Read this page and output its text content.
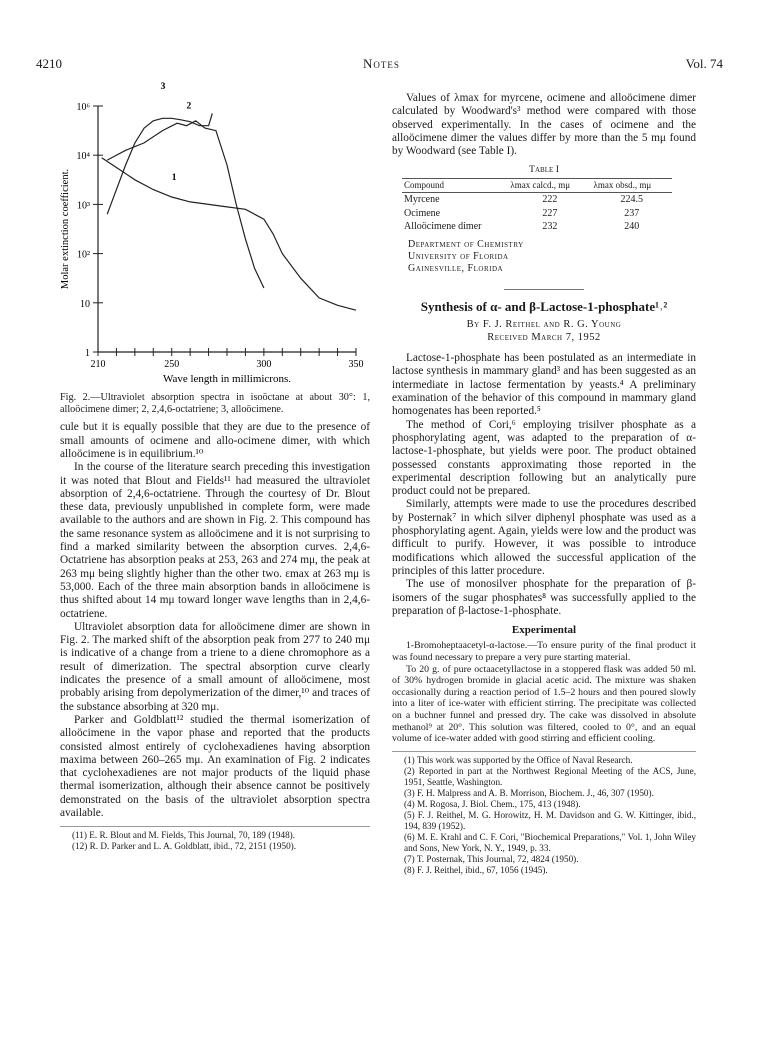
4210	Notes	Vol. 74
10⁶
10⁴
10³
10²
10
1
210	250	300	350
Wave length in millimicrons.
Molar extinction coefficient.	1
2
3

Fig. 2.—Ultraviolet absorption spectra in isoöctane at about 30°: 1, alloöcimene dimer; 2, 2,4,6-octatriene; 3, alloöcimene.

cule but it is equally possible that they are due to the presence of small amounts of ocimene and allo-ocimene dimer, with which alloöcimene is in equilibrium.¹⁰

In the course of the literature search preceding this investigation it was noted that Blout and Fields¹¹ had measured the ultraviolet absorption of 2,4,6-octatriene. Through the courtesy of Dr. Blout these data, previously unpublished in complete form, were made available to the authors and are shown in Fig. 2. This compound has the same resonance system as alloöcimene and it is not surprising to find a marked similarity between the absorption curves. 2,4,6-Octatriene has absorption peaks at 253, 263 and 274 mμ, the peak at 263 mμ being slightly higher than the other two. εmax at 263 mμ is 53,000. Each of the three main absorption bands in alloöcimene is thus shifted about 14 mμ toward longer wave lengths than in 2,4,6-octatriene.

Ultraviolet absorption data for alloöcimene dimer are shown in Fig. 2. The marked shift of the absorption peak from 277 to 240 mμ is indicative of a change from a triene to a diene chromophore as a result of dimerization. The spectral absorption curve clearly indicates the presence of a small amount of alloöcimene, most probably arising from depolymerization of the dimer,¹⁰ and traces of the substance absorbing at 320 mμ.

Parker and Goldblatt¹² studied the thermal isomerization of alloöcimene in the vapor phase and reported that the products consisted almost entirely of cyclohexadienes having absorption maxima between 260–265 mμ. An examination of Fig. 2 indicates that cyclohexadienes are not major products of the liquid phase thermal isomerization, although their absence cannot be positively demonstrated on the basis of the ultraviolet absorption spectra available.

(11) E. R. Blout and M. Fields, This Journal, 70, 189 (1948).

(12) R. D. Parker and L. A. Goldblatt, ibid., 72, 2151 (1950).

Values of λmax for myrcene, ocimene and alloöcimene dimer calculated by Woodward's³ method were compared with those observed experimentally. In the cases of ocimene and the alloöcimene dimer the values differ by more than the 5 mμ found by Woodward (see Table I).

Table I
Compound	λmax calcd., mμ	λmax obsd., mμ
Myrcene	222	224.5
Ocimene	227	237
Alloöcimene dimer	232	240
Department of Chemistry
University of Florida
Gainesville, Florida
Synthesis of α- and β-Lactose-1-phosphate¹˒²
By F. J. Reithel and R. G. Young
Received March 7, 1952

Lactose-1-phosphate has been postulated as an intermediate in lactose synthesis in mammary gland³ and has been suggested as an intermediate in lactose fermentation by yeasts.⁴ A preliminary examination of the behavior of this compound in mammary gland homogenates has been reported.⁵

The method of Cori,⁶ employing trisilver phosphate as a phosphorylating agent, was adapted to the preparation of α-lactose-1-phosphate, but yields were poor. The product obtained possessed constants approximating those reported in the experimental description following but an analytically pure product could not be prepared.

Similarly, attempts were made to use the procedures described by Posternak⁷ in which silver diphenyl phosphate was used as a phosphorylating agent. Again, yields were low and the product was difficult to purify. However, it was possible to introduce modifications which allowed the successful application of the principles of this latter procedure.

The use of monosilver phosphate for the preparation of β-isomers of the sugar phosphates⁸ was successfully applied to the preparation of β-lactose-1-phosphate.

Experimental

1-Bromoheptaacetyl-α-lactose.—To ensure purity of the final product it was found necessary to prepare a very pure starting material.

To 20 g. of pure octaacetyllactose in a stoppered flask was added 50 ml. of 30% hydrogen bromide in glacial acetic acid. The mixture was shaken occasionally during a reaction period of 1.5–2 hours and then poured slowly into a liter of ice-water with efficient stirring. The precipitate was collected on a buchner funnel and pressed dry. The cake was dissolved in absolute methanol⁹ at 20°. This solution was filtered, cooled to 0°, and an equal volume of ice-water added with good stirring and efficient cooling.

(1) This work was supported by the Office of Naval Research.

(2) Reported in part at the Northwest Regional Meeting of the ACS, June, 1951, Seattle, Washington.

(3) F. H. Malpress and A. B. Morrison, Biochem. J., 46, 307 (1950).

(4) M. Rogosa, J. Biol. Chem., 175, 413 (1948).

(5) F. J. Reithel, M. G. Horowitz, H. M. Davidson and G. W. Kittinger, ibid., 194, 839 (1952).

(6) M. E. Krahl and C. F. Cori, "Biochemical Preparations," Vol. 1, John Wiley and Sons, New York, N. Y., 1949, p. 33.

(7) T. Posternak, This Journal, 72, 4824 (1950).

(8) F. J. Reithel, ibid., 67, 1056 (1945).
